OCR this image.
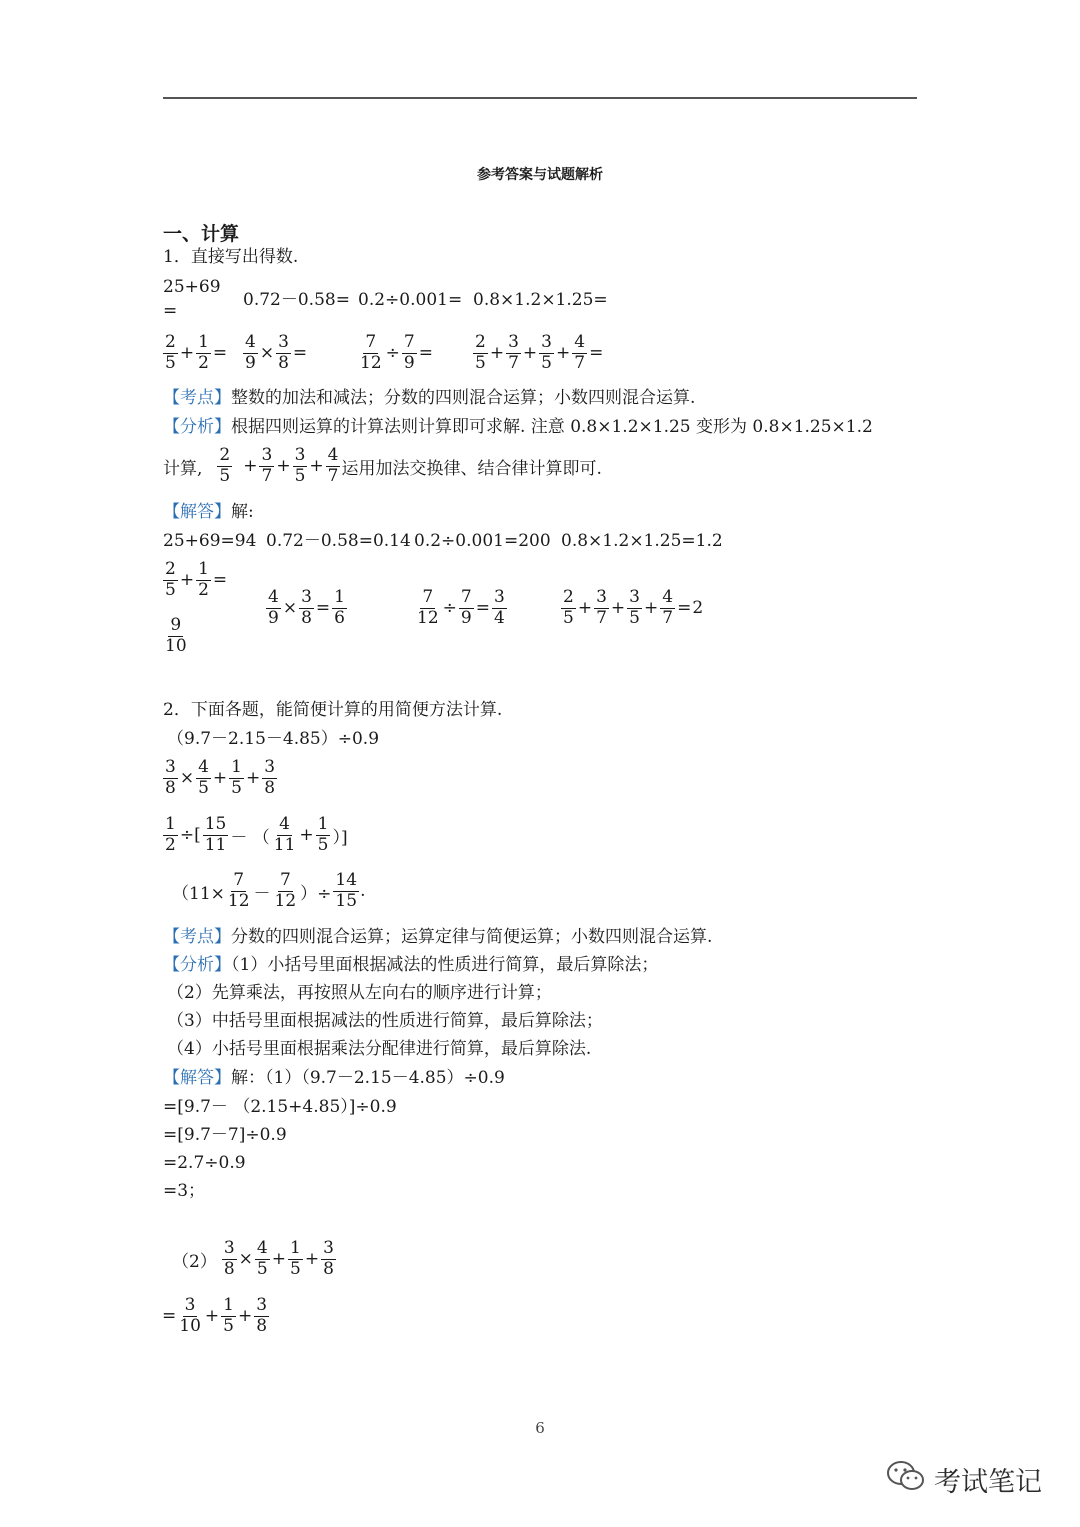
参考答案与试题解析
一、计算
1．直接写出得数.
25+69
=
0.72－0.58= 0.2÷0.001= 0.8×1.2×1.25=
$\frac{2}{5} + \frac{1}{2} = \frac{4}{9} \times \frac{3}{8}$ =	$\frac{7}{12} \div \frac{7}{9} = \frac{2}{5} + \frac{3}{7} + \frac{3}{5} + \frac{4}{7}$ =
【考点】整数的加法和减法；分数的四则混合运算；小数四则混合运算.
【分析】根据四则运算的计算法则计算即可求解. 注意 0.8×1.2×1.25 变形为 0.8×1.25×1.2
计算, $\frac{2}{5} + \frac{3}{7} + \frac{3}{5} + \frac{4}{7}$ 运用加法交换律、结合律计算即可.
【解答】解:
25+69=94 0.72－0.58=0.14 0.2÷0.001=200 0.8×1.2×1.25=1.2
$\frac{2}{5} + \frac{1}{2}$ =
$\frac{9}{10}$
$\frac{4}{9} \times \frac{3}{8} = \frac{1}{6}$	$\frac{7}{12} \div \frac{7}{9} = \frac{3}{4}$	$\frac{2}{5} + \frac{3}{7} + \frac{3}{5} + \frac{4}{7} = 2$
2．下面各题，能简便计算的用简便方法计算.
（9.7－2.15－4.85）÷0.9
$\frac{3}{8} \times \frac{4}{5} + \frac{1}{5} + \frac{3}{8}$
$\frac{1}{2}$ ÷[ $\frac{15}{11}$ － （ $\frac{4}{11} + \frac{1}{5}$ ）]
（$11\times \frac{7}{12} - \frac{7}{12}$ ）÷ $\frac{14}{15}$ .
【考点】分数的四则混合运算；运算定律与简便运算；小数四则混合运算.
【分析】（1）小括号里面根据减法的性质进行简算，最后算除法；
（2）先算乘法，再按照从左向右的顺序进行计算；
（3）中括号里面根据减法的性质进行简算，最后算除法；
（4）小括号里面根据乘法分配律进行简算，最后算除法.
【解答】解：（1）（9.7－2.15－4.85）÷0.9
=[9.7－ （2.15+4.85）]÷0.9
=[9.7－7]÷0.9
=2.7÷0.9
=3；
$(2) \frac{3}{8} \times \frac{4}{5} + \frac{1}{5} + \frac{3}{8}$
= $\frac{3}{10} + \frac{1}{5} + \frac{3}{8}$
6
考试笔记
